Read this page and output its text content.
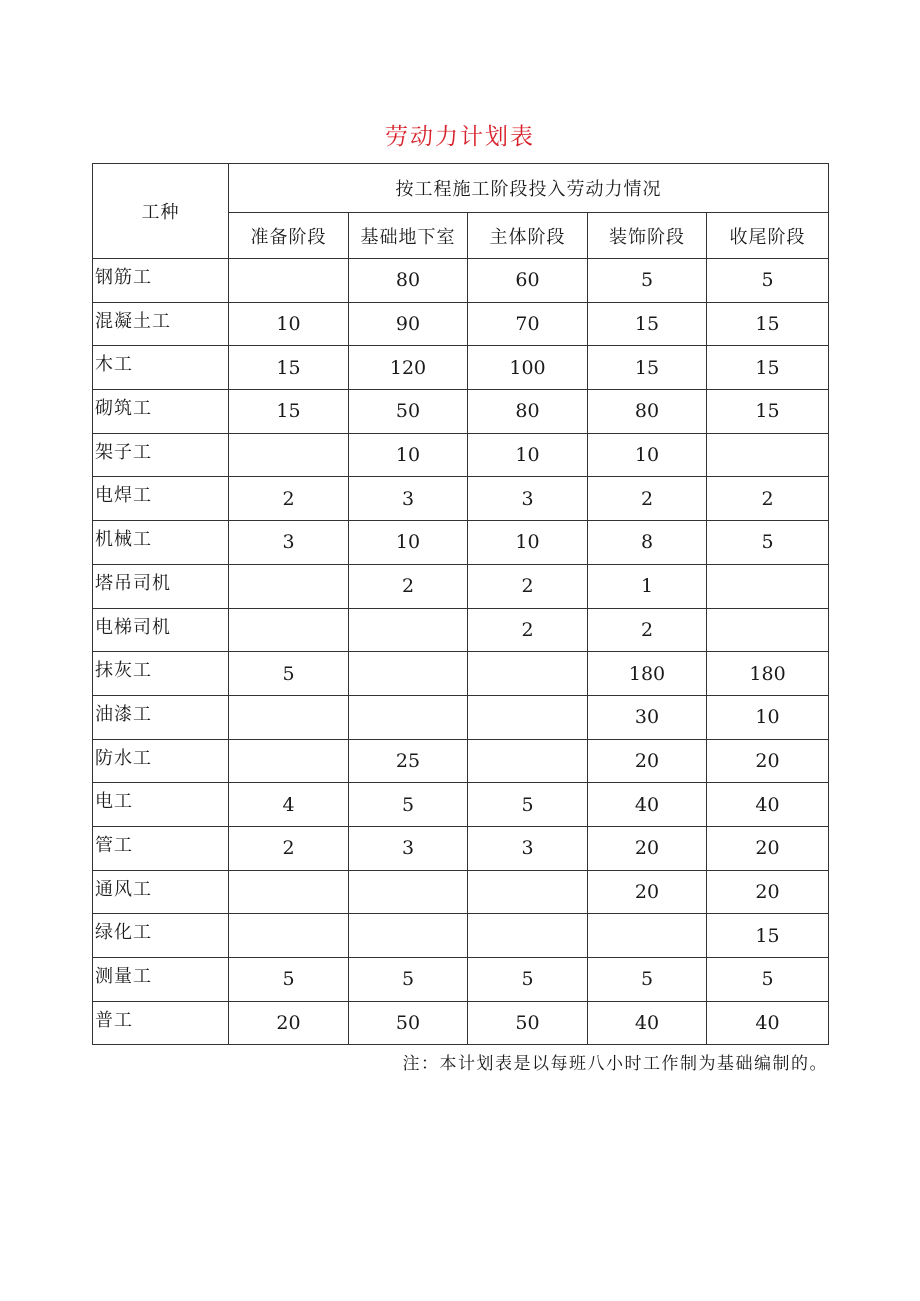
劳动力计划表
工种	按工程施工阶段投入劳动力情况				
	准备阶段	基础地下室	主体阶段	装饰阶段	收尾阶段
钢筋工		80	60	5	5
混凝土工	10	90	70	15	15
木工	15	120	100	15	15
砌筑工	15	50	80	80	15
架子工		10	10	10	
电焊工	2	3	3	2	2
机械工	3	10	10	8	5
塔吊司机		2	2	1	
电梯司机			2	2	
抹灰工	5			180	180
油漆工				30	10
防水工		25		20	20
电工	4	5	5	40	40
管工	2	3	3	20	20
通风工				20	20
绿化工					15
测量工	5	5	5	5	5
普工	20	50	50	40	40
注：本计划表是以每班八小时工作制为基础编制的。
